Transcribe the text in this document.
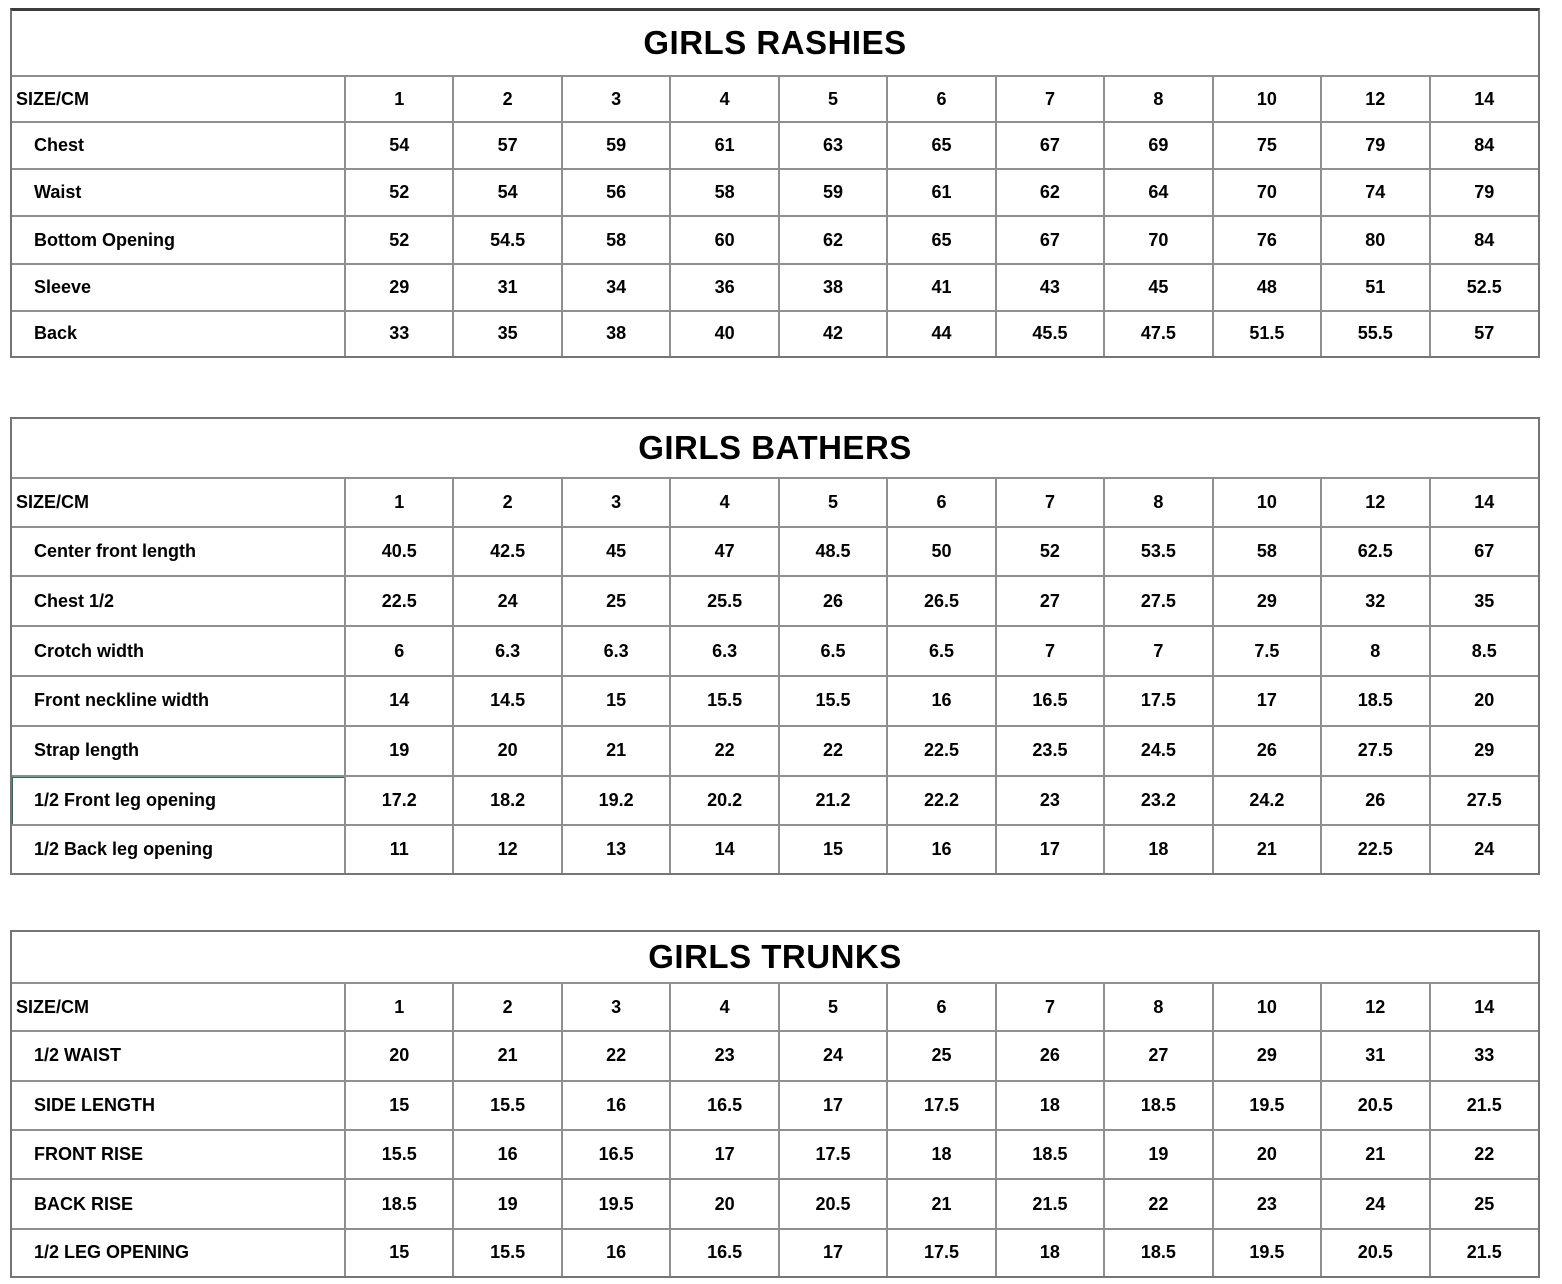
GIRLS RASHIES
SIZE/CM	1	2	3	4	5	6	7	8	10	12	14
Chest	54	57	59	61	63	65	67	69	75	79	84
Waist	52	54	56	58	59	61	62	64	70	74	79
Bottom Opening	52	54.5	58	60	62	65	67	70	76	80	84
Sleeve	29	31	34	36	38	41	43	45	48	51	52.5
Back	33	35	38	40	42	44	45.5	47.5	51.5	55.5	57
GIRLS BATHERS
SIZE/CM	1	2	3	4	5	6	7	8	10	12	14
Center front length	40.5	42.5	45	47	48.5	50	52	53.5	58	62.5	67
Chest 1/2	22.5	24	25	25.5	26	26.5	27	27.5	29	32	35
Crotch width	6	6.3	6.3	6.3	6.5	6.5	7	7	7.5	8	8.5
Front neckline width	14	14.5	15	15.5	15.5	16	16.5	17.5	17	18.5	20
Strap length	19	20	21	22	22	22.5	23.5	24.5	26	27.5	29
1/2 Front leg opening	17.2	18.2	19.2	20.2	21.2	22.2	23	23.2	24.2	26	27.5
1/2 Back leg opening	11	12	13	14	15	16	17	18	21	22.5	24
GIRLS TRUNKS
SIZE/CM	1	2	3	4	5	6	7	8	10	12	14
1/2 WAIST	20	21	22	23	24	25	26	27	29	31	33
SIDE LENGTH	15	15.5	16	16.5	17	17.5	18	18.5	19.5	20.5	21.5
FRONT RISE	15.5	16	16.5	17	17.5	18	18.5	19	20	21	22
BACK RISE	18.5	19	19.5	20	20.5	21	21.5	22	23	24	25
1/2 LEG OPENING	15	15.5	16	16.5	17	17.5	18	18.5	19.5	20.5	21.5
